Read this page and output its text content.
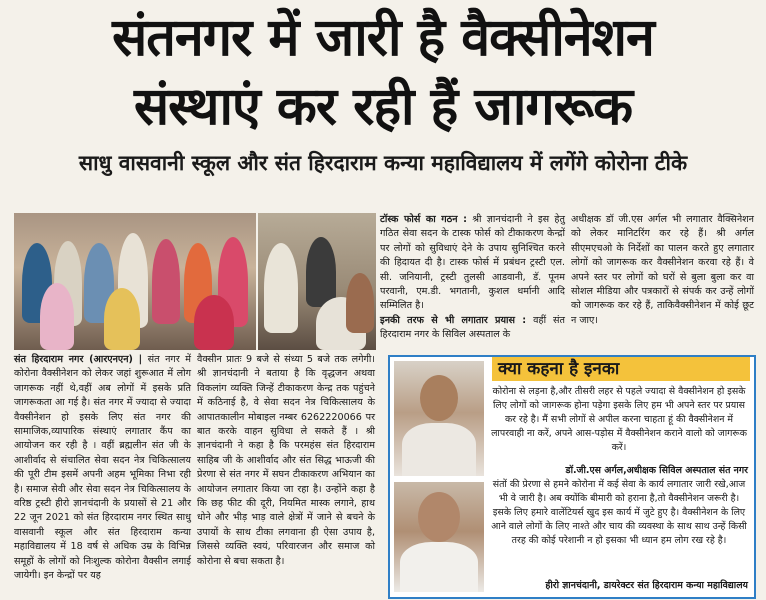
संतनगर में जारी है वैक्सीनेशन
संस्थाएं कर रही हैं जागरूक
साधु वासवानी स्कूल और संत हिरदाराम कन्या महाविद्यालय में लगेंगे कोरोना टीके
संत हिरदाराम नगर (आरएनएन) | संत नगर में कोरोना वैक्सीनेशन को लेकर जहां शुरूआत में लोग जागरूक नहीं थे,वहीं अब लोगों में इसके प्रति जागरूकता आ गई है। संत नगर में ज्यादा से ज्यादा वैक्सीनेशन हो इसके लिए संत नगर की सामाजिक,व्यापारिक संस्थाएं लगातार कैंप का आयोजन कर रही है । वहीं ब्रह्मलीन संत जी के आशीर्वाद से संचालित सेवा सदन नेत्र चिकित्सालय की पूरी टीम इसमें अपनी अहम भूमिका निभा रही है। समाज सेवी और सेवा सदन नेत्र चिकित्सालय के वरिष्ठ ट्रस्टी हीरो ज्ञानचंदानी के प्रयासों से 21 और 22 जून 2021 को संत हिरदाराम नगर स्थित साधु वासवानी स्कूल और संत हिरदाराम कन्या महाविद्यालय में 18 वर्ष से अधिक उम्र के विभिन्न समूहों के लोगों को निःशुल्क कोरोना वैक्सीन लगाई जायेगी। इन केन्द्रों पर यह
वैक्सीन प्रातः 9 बजे से संध्या 5 बजे तक लगेगी। श्री ज्ञानचंदानी ने बताया है कि वृद्धजन अथवा विकलांग व्यक्ति जिन्हें टीकाकरण केन्द्र तक पहुंचने में कठिनाई है, वे सेवा सदन नेत्र चिकित्सालय के आपातकालीन मोबाइल नम्बर 6262220066 पर बात करके वाहन सुविधा ले सकते हैं । श्री ज्ञानचंदानी ने कहा है कि परमहंस संत हिरदाराम साहिब जी के आशीर्वाद और संत सिद्ध भाऊजी की प्रेरणा से संत नगर में सघन टीकाकरण अभियान का आयोजन लगातार किया जा रहा है। उन्होंने कहा है कि छह फीट की दूरी, नियमित मास्क लगाने, हाथ धोने और भीड़ भाड़ वाले क्षेत्रों में जाने से बचने के उपायों के साथ टीका लगवाना ही ऐसा उपाय है, जिससे व्यक्ति स्वयं, परिवारजन और समाज को कोरोना से बचा सकता है।
टॉस्क फोर्स का गठन : श्री ज्ञानचंदानी ने इस हेतु गठित सेवा सदन के टास्क फोर्स को टीकाकरण केन्द्रों पर लोगों को सुविधाएं देने के उपाय सुनिश्चित करने की हिदायत दी है। टास्क फोर्स में प्रबंधन ट्रस्टी एल. सी. जनियानी, ट्रस्टी तुलसी आडवानी, डॅ. पूनम परवानी, एम.डी. भगतानी, कुशल धर्मानी आदि सम्मिलित है।
इनकी तरफ से भी लगातार प्रयास : वहीं संत हिरदाराम नगर के सिविल अस्पताल के
अधीक्षक डॉ जी.एस अर्गल भी लगातार वैक्सिनेशन को लेकर मानिटरिंग कर रहे हैं। श्री अर्गल सीएमएचओ के निर्देशों का पालन करते हुए लगातार लोगों को जागरूक कर वैक्सीनेशन करवा रहे हैं। वे अपने स्तर पर लोगों को घरों से बुला बुला कर वा सोशल मीडिया और पत्रकारों से संपर्क कर उन्हें लोगों को जागरूक कर रहे हैं, ताकिवैक्सीनेशन में कोई छूट न जाए।
क्या कहना है इनका
कोरोना से लड़ना है,और तीसरी लहर से पहले ज्यादा से वैक्सीनेशन हो इसके लिए लोगों को जागरूक होना पड़ेगा इसके लिए हम भी अपने स्तर पर प्रयास कर रहे है। मैं सभी लोगों से अपील करना चाहता हूं की वैक्सीनेशन में लापरवाही ना करें, अपने आस-पड़ोस में वैक्सीनेशन कराने वालो को जागरूक करें।
डॉ.जी.एस अर्गल,अधीक्षक सिविल अस्पताल संत नगर
संतों की प्रेरणा से हमने कोरोना में कई सेवा के कार्य लगातार जारी रखे,आज भी वे जारी है। अब क्योंकि बीमारी को हराना है,तो वैक्सीनेशन जरूरी है। इसके लिए हमारे वालेंटियर्स खुद इस कार्य में जुटे हुए है। वैक्सीनेशन के लिए आने वाले लोगों के लिए नाश्ते और चाय की व्यवस्था के साथ साथ उन्हें किसी तरह की कोई परेशानी न हो इसका भी ध्यान हम लोग रख रहे है।
हीरो ज्ञानचंदानी, डायरेक्टर संत हिरदाराम कन्या महाविद्यालय
